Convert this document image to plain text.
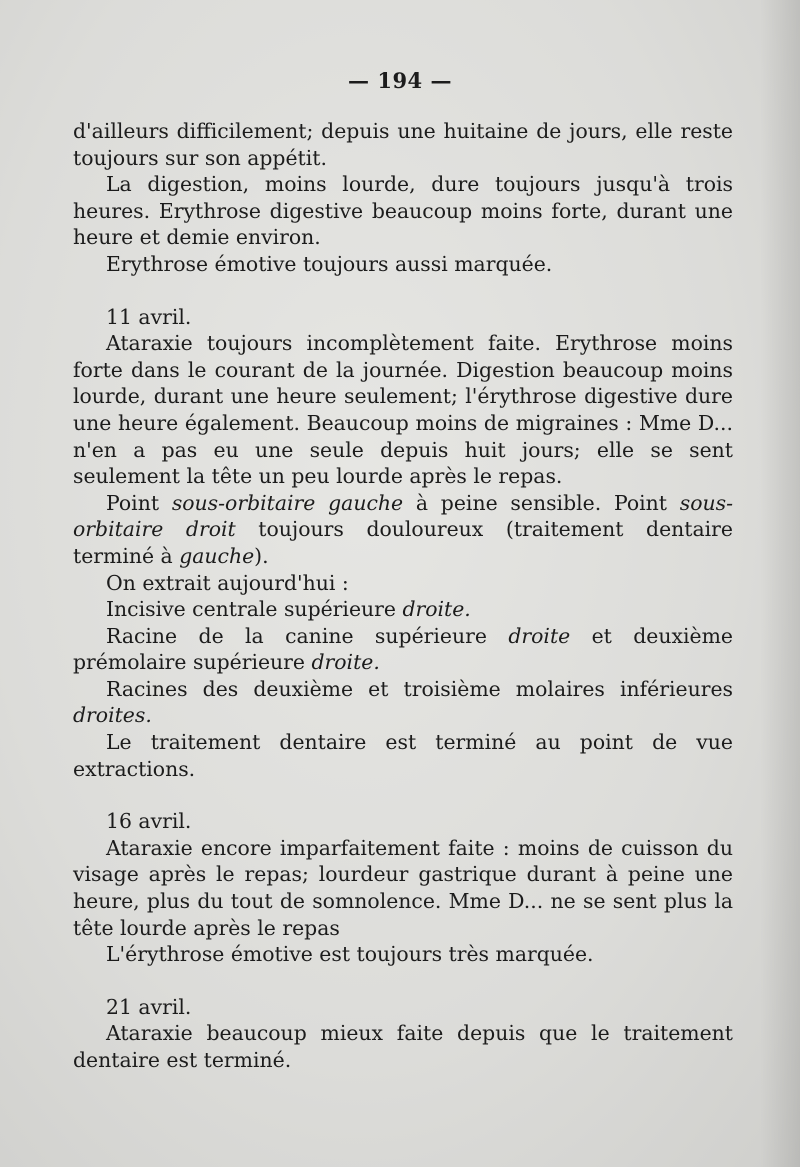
— 194 —

d'ailleurs difficilement; depuis une huitaine de jours, elle reste toujours sur son appétit.

La digestion, moins lourde, dure toujours jusqu'à trois heures. Erythrose digestive beaucoup moins forte, durant une heure et demie environ.

Erythrose émotive toujours aussi marquée.

11 avril.

Ataraxie toujours incomplètement faite. Erythrose moins forte dans le courant de la journée. Digestion beaucoup moins lourde, durant une heure seulement; l'érythrose digestive dure une heure également. Beaucoup moins de migraines : Mme D... n'en a pas eu une seule depuis huit jours; elle se sent seulement la tête un peu lourde après le repas.

Point sous-orbitaire gauche à peine sensible. Point sous-orbitaire droit toujours douloureux (traitement dentaire terminé à gauche).

On extrait aujourd'hui :

Incisive centrale supérieure droite.

Racine de la canine supérieure droite et deuxième prémolaire supérieure droite.

Racines des deuxième et troisième molaires inférieures droites.

Le traitement dentaire est terminé au point de vue extractions.

16 avril.

Ataraxie encore imparfaitement faite : moins de cuisson du visage après le repas; lourdeur gastrique durant à peine une heure, plus du tout de somnolence. Mme D... ne se sent plus la tête lourde après le repas

L'érythrose émotive est toujours très marquée.

21 avril.

Ataraxie beaucoup mieux faite depuis que le traitement dentaire est terminé.
